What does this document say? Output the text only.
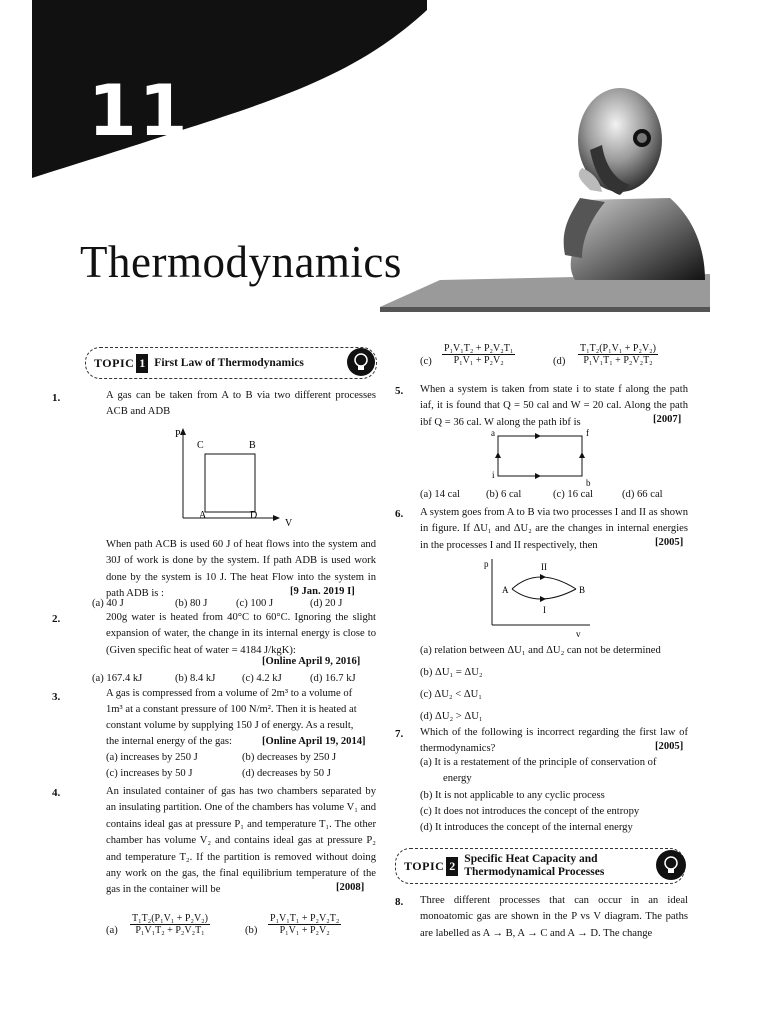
11
Thermodynamics
TOPIC 1 First Law of Thermodynamics
1.	A gas can be taken from A to B via two different processes ACB and ADB
P
V
C	B
A	D
When path ACB is used 60 J of heat flows into the system and 30J of work is done by the system. If path ADB is used work done by the system is 10 J. The heat Flow into the system in path ADB is :	[9 Jan. 2019 I]
(a) 40 J	(b) 80 J	(c) 100 J	(d) 20 J
2.	200g water is heated from 40°C to 60°C. Ignoring the slight expansion of water, the change in its internal energy is close to (Given specific heat of water = 4184 J/kgK):
[Online April 9, 2016]
(a) 167.4 kJ	(b) 8.4 kJ	(c) 4.2 kJ	(d) 16.7 kJ
3.	A gas is compressed from a volume of 2m³ to a volume of
1m³ at a constant pressure of 100 N/m². Then it is heated at
constant volume by supplying 150 J of energy. As a result,
the internal energy of the gas:	[Online April 19, 2014]
(a) increases by 250 J	(b) decreases by 250 J
(c) increases by 50 J	(d) decreases by 50 J
4.	An insulated container of gas has two chambers separated by an insulating partition. One of the chambers has volume V₁ and contains ideal gas at pressure P₁ and temperature T₁. The other chamber has volume V₂ and contains ideal gas at pressure P₂ and temperature T₂. If the partition is removed without doing any work on the gas, the final equilibrium temperature of the gas in the container will be	[2008]
$(a) \frac{\text{T₁T₂(P₁V₁ + P₂V₂)}}{\text{P₁V₁T₂ + P₂V₂T₁}}$	$(b) \frac{\text{P₁V₁T₁ + P₂V₂T₂}}{\text{P₁V₁ + P₂V₂}}$
$(c) \frac{\text{P₁V₁T₂ + P₂V₂T₁}}{\text{P₁V₁ + P₂V₂}}$	$(d) \frac{\text{T₁T₂(P₁V₁ + P₂V₂)}}{\text{P₁V₁T₁ + P₂V₂T₂}}$
5. When a system is taken from state i to state f along the path iaf, it is found that Q = 50 cal and W = 20 cal. Along the path ibf Q = 36 cal. W along the path ibf is	[2007]
a	f
i
b
(a) 14 cal (b) 6 cal	(c) 16 cal	(d) 66 cal
6. A system goes from A to B via two processes I and II as shown in figure. If ΔU₁ and ΔU₂ are the changes in internal energies in the processes I and II respectively, then	[2005]
p
v
A	B
I
II
(a) relation between ΔU₁ and ΔU₂ can not be determined
(b) ΔU₁ = ΔU₂
(c) ΔU₂ < ΔU₁
(d) ΔU₂ > ΔU₁
7. Which of the following is incorrect regarding the first law of thermodynamics?	[2005]
(a) It is a restatement of the principle of conservation of
energy
(b) It is not applicable to any cyclic process
(c) It does not introduces the concept of the entropy
(d) It introduces the concept of the internal energy
TOPIC 2 Specific Heat Capacity and
Thermodynamical Processes
8. Three different processes that can occur in an ideal monoatomic gas are shown in the P vs V diagram. The paths are labelled as A → B, A → C and A → D. The change
